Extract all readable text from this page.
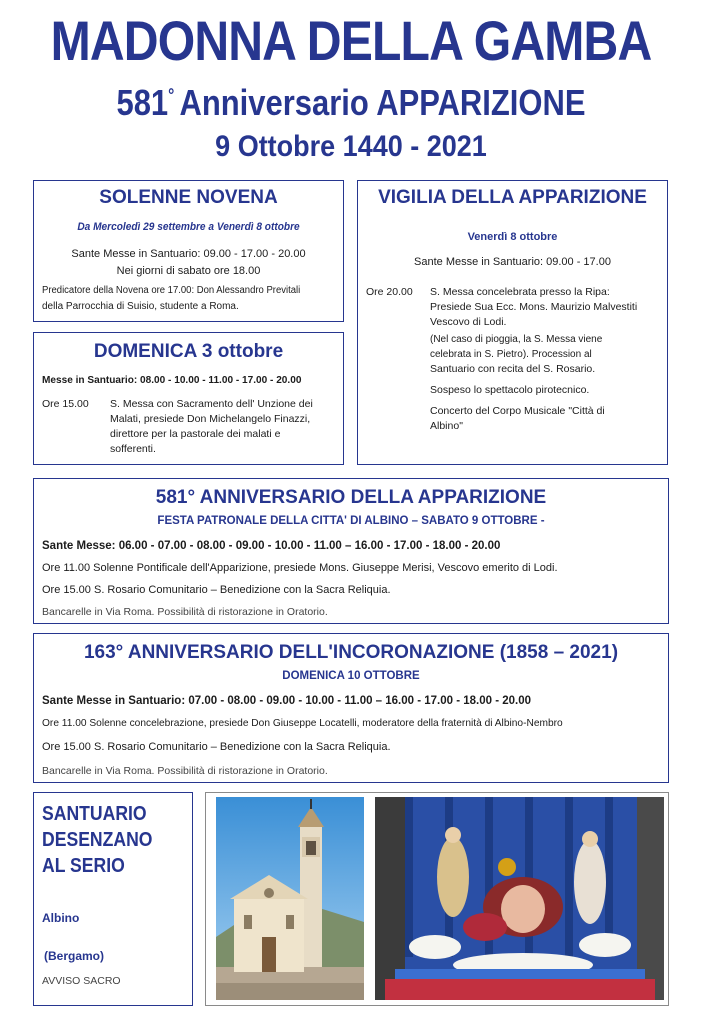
MADONNA DELLA GAMBA
581° Anniversario APPARIZIONE
9 Ottobre 1440 - 2021
SOLENNE NOVENA
Da Mercoledì 29 settembre a Venerdì 8 ottobre
Sante Messe in Santuario: 09.00 - 17.00 - 20.00
Nei giorni di sabato ore 18.00
Predicatore della Novena ore 17.00: Don Alessandro Previtali
della Parrocchia di Suisio, studente a Roma.
DOMENICA 3 ottobre
Messe in Santuario: 08.00 - 10.00 - 11.00 - 17.00 - 20.00
Ore 15.00 S. Messa con Sacramento dell' Unzione dei
Malati, presiede Don Michelangelo Finazzi,
direttore per la pastorale dei malati e
sofferenti.
VIGILIA DELLA APPARIZIONE
Venerdì 8 ottobre
Sante Messe in Santuario: 09.00 - 17.00
Ore 20.00 S. Messa concelebrata presso la Ripa:
Presiede Sua Ecc. Mons. Maurizio Malvestiti
Vescovo di Lodi.
(Nel caso di pioggia, la S. Messa viene
celebrata in S. Pietro). Procession al
Santuario con recita del S. Rosario.
Sospeso lo spettacolo pirotecnico.
Concerto del Corpo Musicale "Città di
Albino"
581° ANNIVERSARIO DELLA APPARIZIONE
FESTA PATRONALE DELLA CITTA' DI ALBINO – SABATO 9 OTTOBRE -
Sante Messe: 06.00 - 07.00 - 08.00 - 09.00 - 10.00 - 11.00 – 16.00 - 17.00 - 18.00 - 20.00
Ore 11.00 Solenne Pontificale dell'Apparizione, presiede Mons. Giuseppe Merisi, Vescovo emerito di Lodi.
Ore 15.00 S. Rosario Comunitario – Benedizione con la Sacra Reliquia.
Bancarelle in Via Roma. Possibilità di ristorazione in Oratorio.
163° ANNIVERSARIO DELL'INCORONAZIONE (1858 – 2021)
DOMENICA 10 OTTOBRE
Sante Messe in Santuario: 07.00 - 08.00 - 09.00 - 10.00 - 11.00 – 16.00 - 17.00 - 18.00 - 20.00
Ore 11.00 Solenne concelebrazione, presiede Don Giuseppe Locatelli, moderatore della fraternità di Albino-Nembro
Ore 15.00 S. Rosario Comunitario – Benedizione con la Sacra Reliquia.
Bancarelle in Via Roma. Possibilità di ristorazione in Oratorio.
SANTUARIO
DESENZANO
AL SERIO
Albino
(Bergamo)
AVVISO SACRO
